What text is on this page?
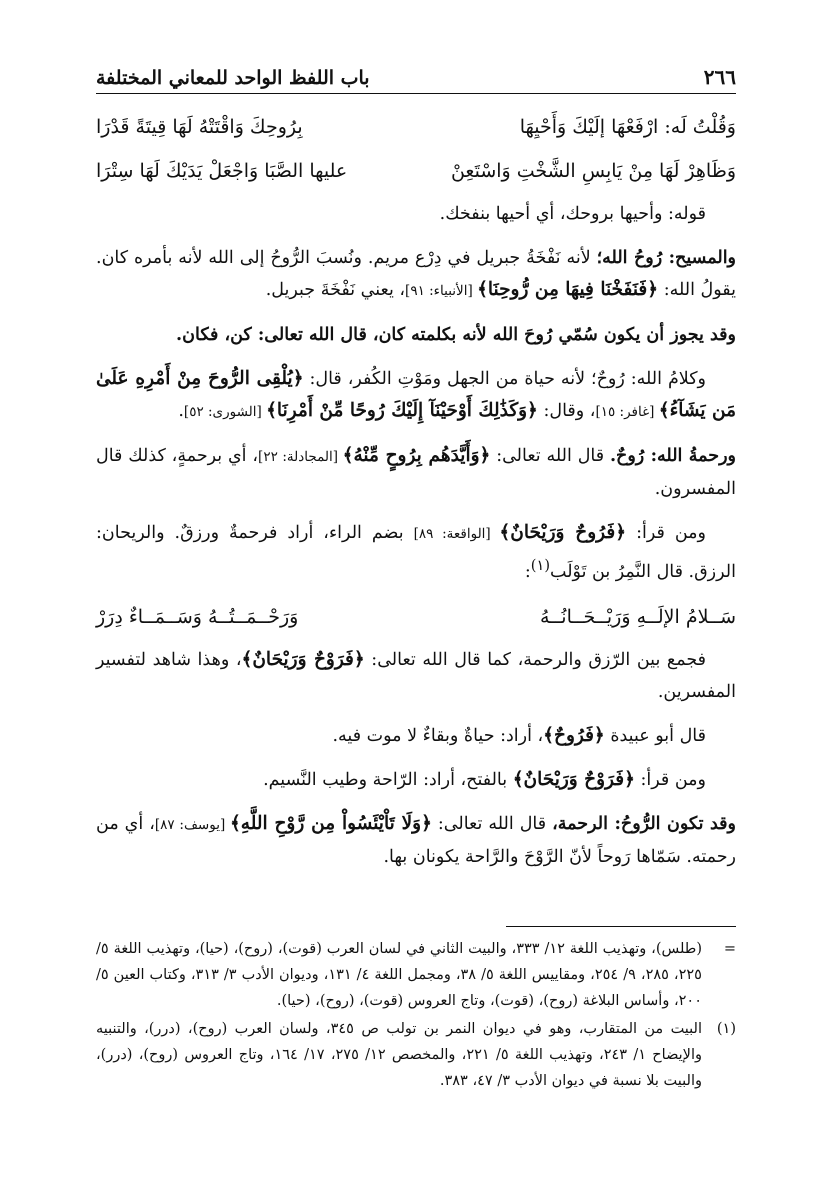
٢٦٦
باب اللفظ الواحد للمعاني المختلفة
وَقُلْتُ لَه: ارْفَعْهَا إلَيْكَ وَأَحْيِهَا
بِرُوحِكَ وَاقْتَتْهُ لَهَا قِيتَةً قَدْرَا
وَظَاهِرْ لَهَا مِنْ يَابِسِ الشَّخْتِ وَاسْتَعِنْ
عليها الصَّبَا وَاجْعَلْ يَدَيْكَ لَهَا سِتْرَا

قوله: وأحيها بروحك، أي أحيها بنفخك.

والمسيح: رُوحُ الله؛ لأنه نَفْخَةُ جبريل في دِرْع مريم. ونُسبَ الرُّوحُ إلى الله لأنه بأمره كان. يقولُ الله: ﴿فَنَفَخْنَا فِيهَا مِن رُّوحِنَا﴾ [الأنبياء: ٩١]، يعني نَفْخَةَ جبريل.

وقد يجوز أن يكون سُمّي رُوحَ الله لأنه بكلمته كان، قال الله تعالى: كن، فكان.

وكلامُ الله: رُوحٌ؛ لأنه حياة من الجهل ومَوْتِ الكُفر، قال: ﴿يُلْقِى الرُّوحَ مِنْ أَمْرِهِ عَلَىٰ مَن يَشَآءُ﴾ [غافر: ١٥]، وقال: ﴿وَكَذَٰلِكَ أَوْحَيْنَآ إِلَيْكَ رُوحًا مِّنْ أَمْرِنَا﴾ [الشورى: ٥٢].

ورحمةُ الله: رُوحٌ. قال الله تعالى: ﴿وَأَيَّدَهُم بِرُوحٍ مِّنْهُ﴾ [المجادلة: ٢٢]، أي برحمةٍ، كذلك قال المفسرون.

ومن قرأ: ﴿فَرُوحٌ وَرَيْحَانٌ﴾ [الواقعة: ٨٩] بضم الراء، أراد فرحمةٌ ورزقٌ. والريحان: الرزق. قال النَّمِرُ بن تَوْلَب$^{(١)}$:

سَــلامُ الإلَــهِ وَرَيْــحَــانُــهُ
وَرَحْــمَــتُــهُ وَسَــمَــاءٌ دِرَرْ

فجمع بين الرّزق والرحمة، كما قال الله تعالى: ﴿فَرَوْحٌ وَرَيْحَانٌ﴾، وهذا شاهد لتفسير المفسرين.

قال أبو عبيدة ﴿فَرُوحٌ﴾، أراد: حياةٌ وبقاءٌ لا موت فيه.

ومن قرأ: ﴿فَرَوْحٌ وَرَيْحَانٌ﴾ بالفتح، أراد: الرّاحة وطيب النَّسيم.

وقد تكون الرُّوحُ: الرحمة، قال الله تعالى: ﴿وَلَا تَاْيْئَسُواْ مِن رَّوْحِ اللَّهِ﴾ [يوسف: ٨٧]، أي من رحمته. سَمّاها رَوحاً لأنّ الرَّوْحَ والرَّاحة يكونان بها.

=
(طلس)، وتهذيب اللغة ١٢/ ٣٣٣، والبيت الثاني في لسان العرب (قوت)، (روح)، (حيا)، وتهذيب اللغة ٥/ ٢٢٥، ٢٨٥، ٩/ ٢٥٤، ومقاييس اللغة ٥/ ٣٨، ومجمل اللغة ٤/ ١٣١، وديوان الأدب ٣/ ٣١٣، وكتاب العين ٥/ ٢٠٠، وأساس البلاغة (روح)، (قوت)، وتاج العروس (قوت)، (روح)، (حيا).
(١)
البيت من المتقارب، وهو في ديوان النمر بن تولب ص ٣٤٥، ولسان العرب (روح)، (درر)، والتنبيه والإيضاح ١/ ٢٤٣، وتهذيب اللغة ٥/ ٢٢١، والمخصص ١٢/ ٢٧٥، ١٧/ ١٦٤، وتاج العروس (روح)، (درر)، والبيت بلا نسبة في ديوان الأدب ٣/ ٤٧، ٣٨٣.
